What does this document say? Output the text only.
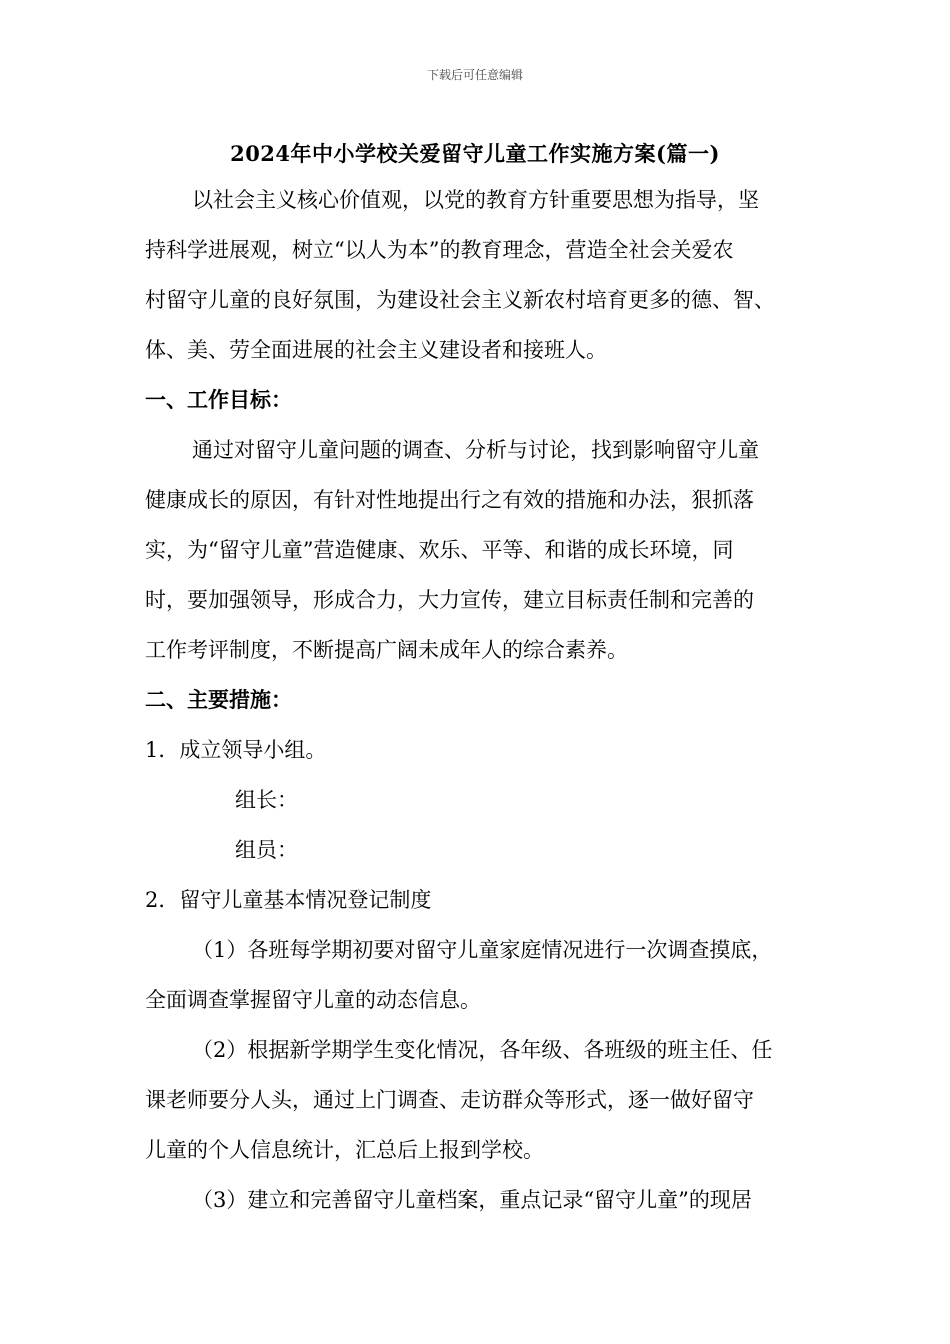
下载后可任意编辑
2024年中小学校关爱留守儿童工作实施方案(篇一)
以社会主义核心价值观，以党的教育方针重要思想为指导，坚
持科学进展观，树立“以人为本”的教育理念，营造全社会关爱农
村留守儿童的良好氛围，为建设社会主义新农村培育更多的德、智、
体、美、劳全面进展的社会主义建设者和接班人。
一、工作目标：
通过对留守儿童问题的调查、分析与讨论，找到影响留守儿童
健康成长的原因，有针对性地提出行之有效的措施和办法，狠抓落
实，为“留守儿童”营造健康、欢乐、平等、和谐的成长环境，同
时，要加强领导，形成合力，大力宣传，建立目标责任制和完善的
工作考评制度，不断提高广阔未成年人的综合素养。
二、主要措施：
1．成立领导小组。
组长：
组员：
2．留守儿童基本情况登记制度
（1）各班每学期初要对留守儿童家庭情况进行一次调查摸底，
全面调查掌握留守儿童的动态信息。
（2）根据新学期学生变化情况，各年级、各班级的班主任、任
课老师要分人头，通过上门调查、走访群众等形式，逐一做好留守
儿童的个人信息统计，汇总后上报到学校。
（3）建立和完善留守儿童档案，重点记录“留守儿童”的现居
